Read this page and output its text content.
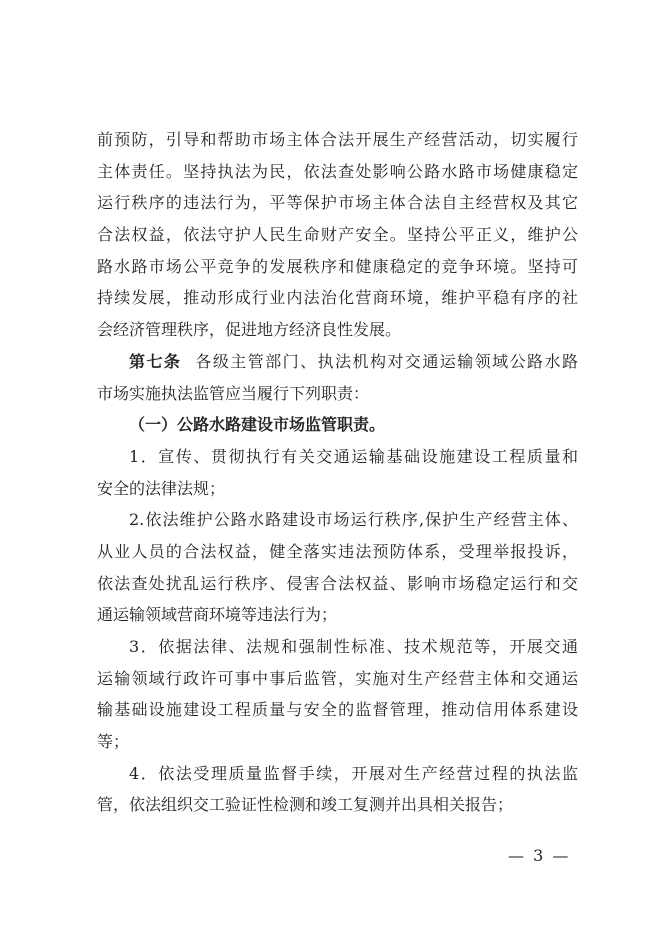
前预防，引导和帮助市场主体合法开展生产经营活动，切实履行
主体责任。坚持执法为民，依法查处影响公路水路市场健康稳定
运行秩序的违法行为，平等保护市场主体合法自主经营权及其它
合法权益，依法守护人民生命财产安全。坚持公平正义，维护公
路水路市场公平竞争的发展秩序和健康稳定的竞争环境。坚持可
持续发展，推动形成行业内法治化营商环境，维护平稳有序的社
会经济管理秩序，促进地方经济良性发展。
第七条 各级主管部门、执法机构对交通运输领域公路水路
市场实施执法监管应当履行下列职责：
（一）公路水路建设市场监管职责。
1．宣传、贯彻执行有关交通运输基础设施建设工程质量和
安全的法律法规；
2.依法维护公路水路建设市场运行秩序,保护生产经营主体、
从业人员的合法权益，健全落实违法预防体系，受理举报投诉，
依法查处扰乱运行秩序、侵害合法权益、影响市场稳定运行和交
通运输领域营商环境等违法行为；
3．依据法律、法规和强制性标准、技术规范等，开展交通
运输领域行政许可事中事后监管，实施对生产经营主体和交通运
输基础设施建设工程质量与安全的监督管理，推动信用体系建设
等；
4．依法受理质量监督手续，开展对生产经营过程的执法监
管，依法组织交工验证性检测和竣工复测并出具相关报告；
— 3 —
